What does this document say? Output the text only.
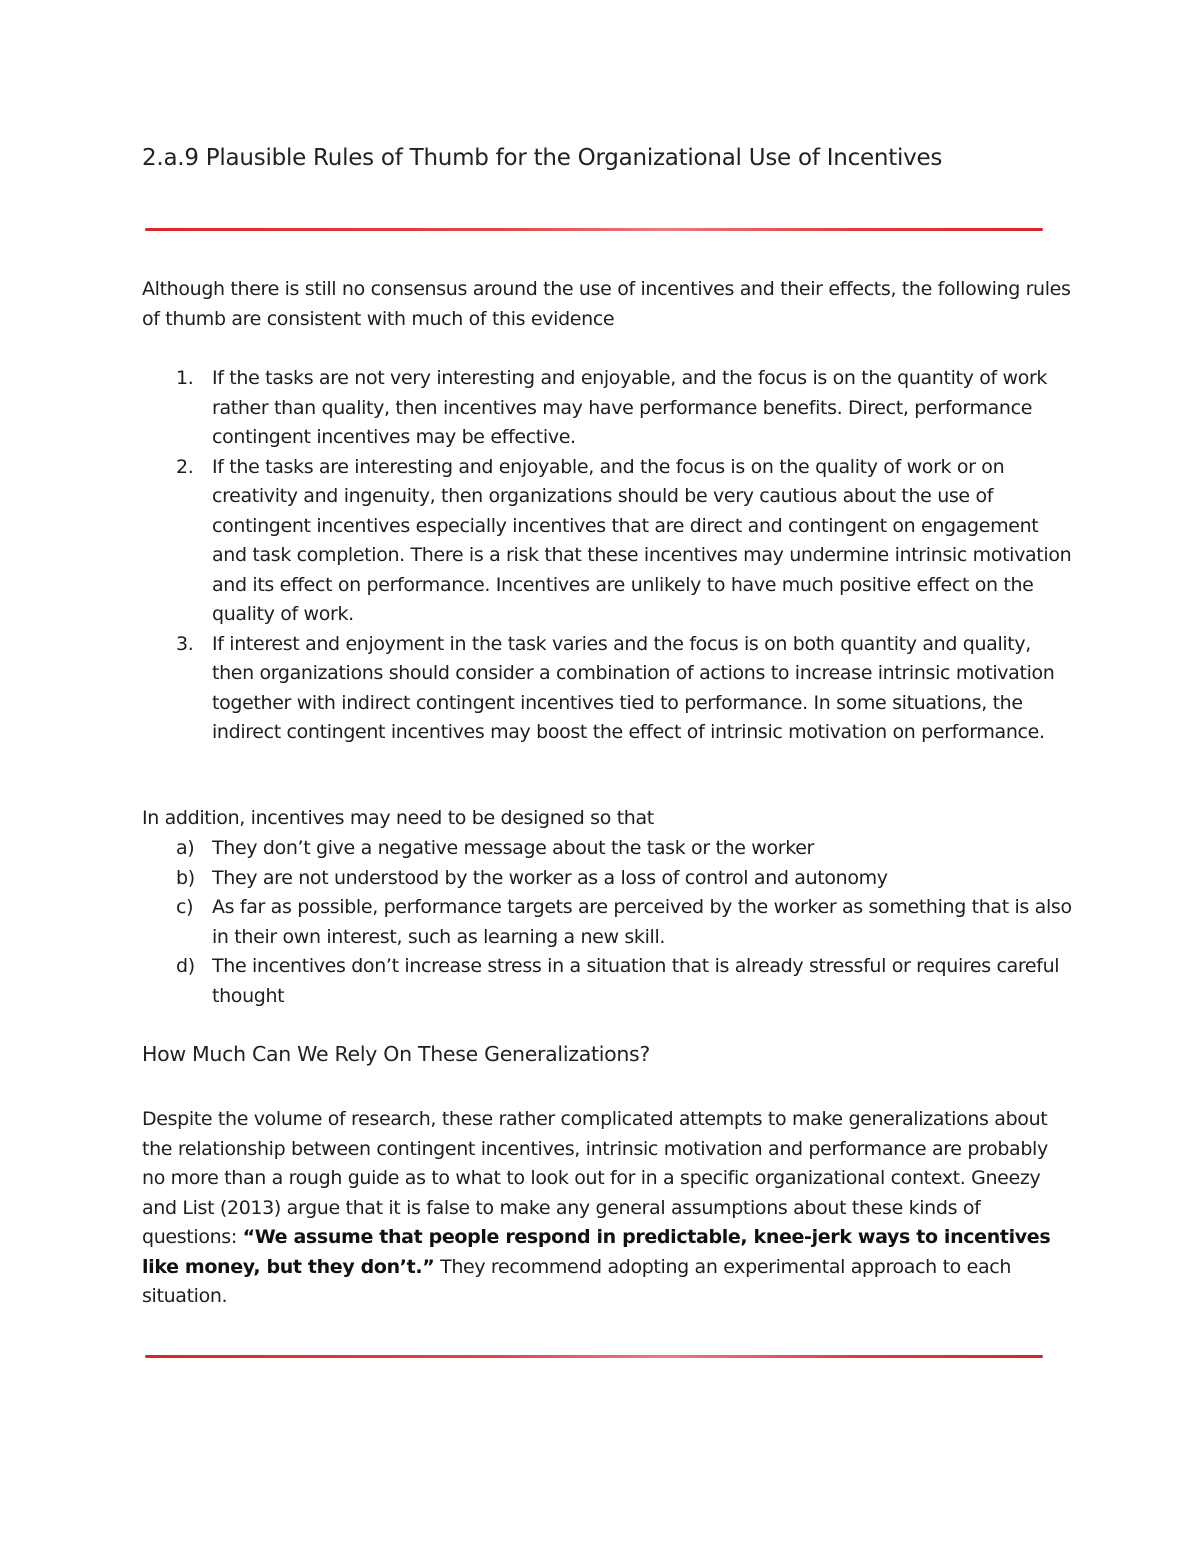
2.a.9 Plausible Rules of Thumb for the Organizational Use of Incentives

Although there is still no consensus around the use of incentives and their effects, the following rules of thumb are consistent with much of this evidence

1. If the tasks are not very interesting and enjoyable, and the focus is on the quantity of work rather than quality, then incentives may have performance benefits. Direct, performance contingent incentives may be effective.
2. If the tasks are interesting and enjoyable, and the focus is on the quality of work or on creativity and ingenuity, then organizations should be very cautious about the use of contingent incentives especially incentives that are direct and contingent on engagement and task completion. There is a risk that these incentives may undermine intrinsic motivation and its effect on performance. Incentives are unlikely to have much positive effect on the quality of work.
3. If interest and enjoyment in the task varies and the focus is on both quantity and quality, then organizations should consider a combination of actions to increase intrinsic motivation together with indirect contingent incentives tied to performance. In some situations, the indirect contingent incentives may boost the effect of intrinsic motivation on performance.

In addition, incentives may need to be designed so that

a) They don’t give a negative message about the task or the worker
b) They are not understood by the worker as a loss of control and autonomy
c) As far as possible, performance targets are perceived by the worker as something that is also in their own interest, such as learning a new skill.
d) The incentives don’t increase stress in a situation that is already stressful or requires careful thought
How Much Can We Rely On These Generalizations?

Despite the volume of research, these rather complicated attempts to make generalizations about the relationship between contingent incentives, intrinsic motivation and performance are probably no more than a rough guide as to what to look out for in a specific organizational context. Gneezy and List (2013) argue that it is false to make any general assumptions about these kinds of questions: “We assume that people respond in predictable, knee-jerk ways to incentives like money, but they don’t.” They recommend adopting an experimental approach to each situation.
